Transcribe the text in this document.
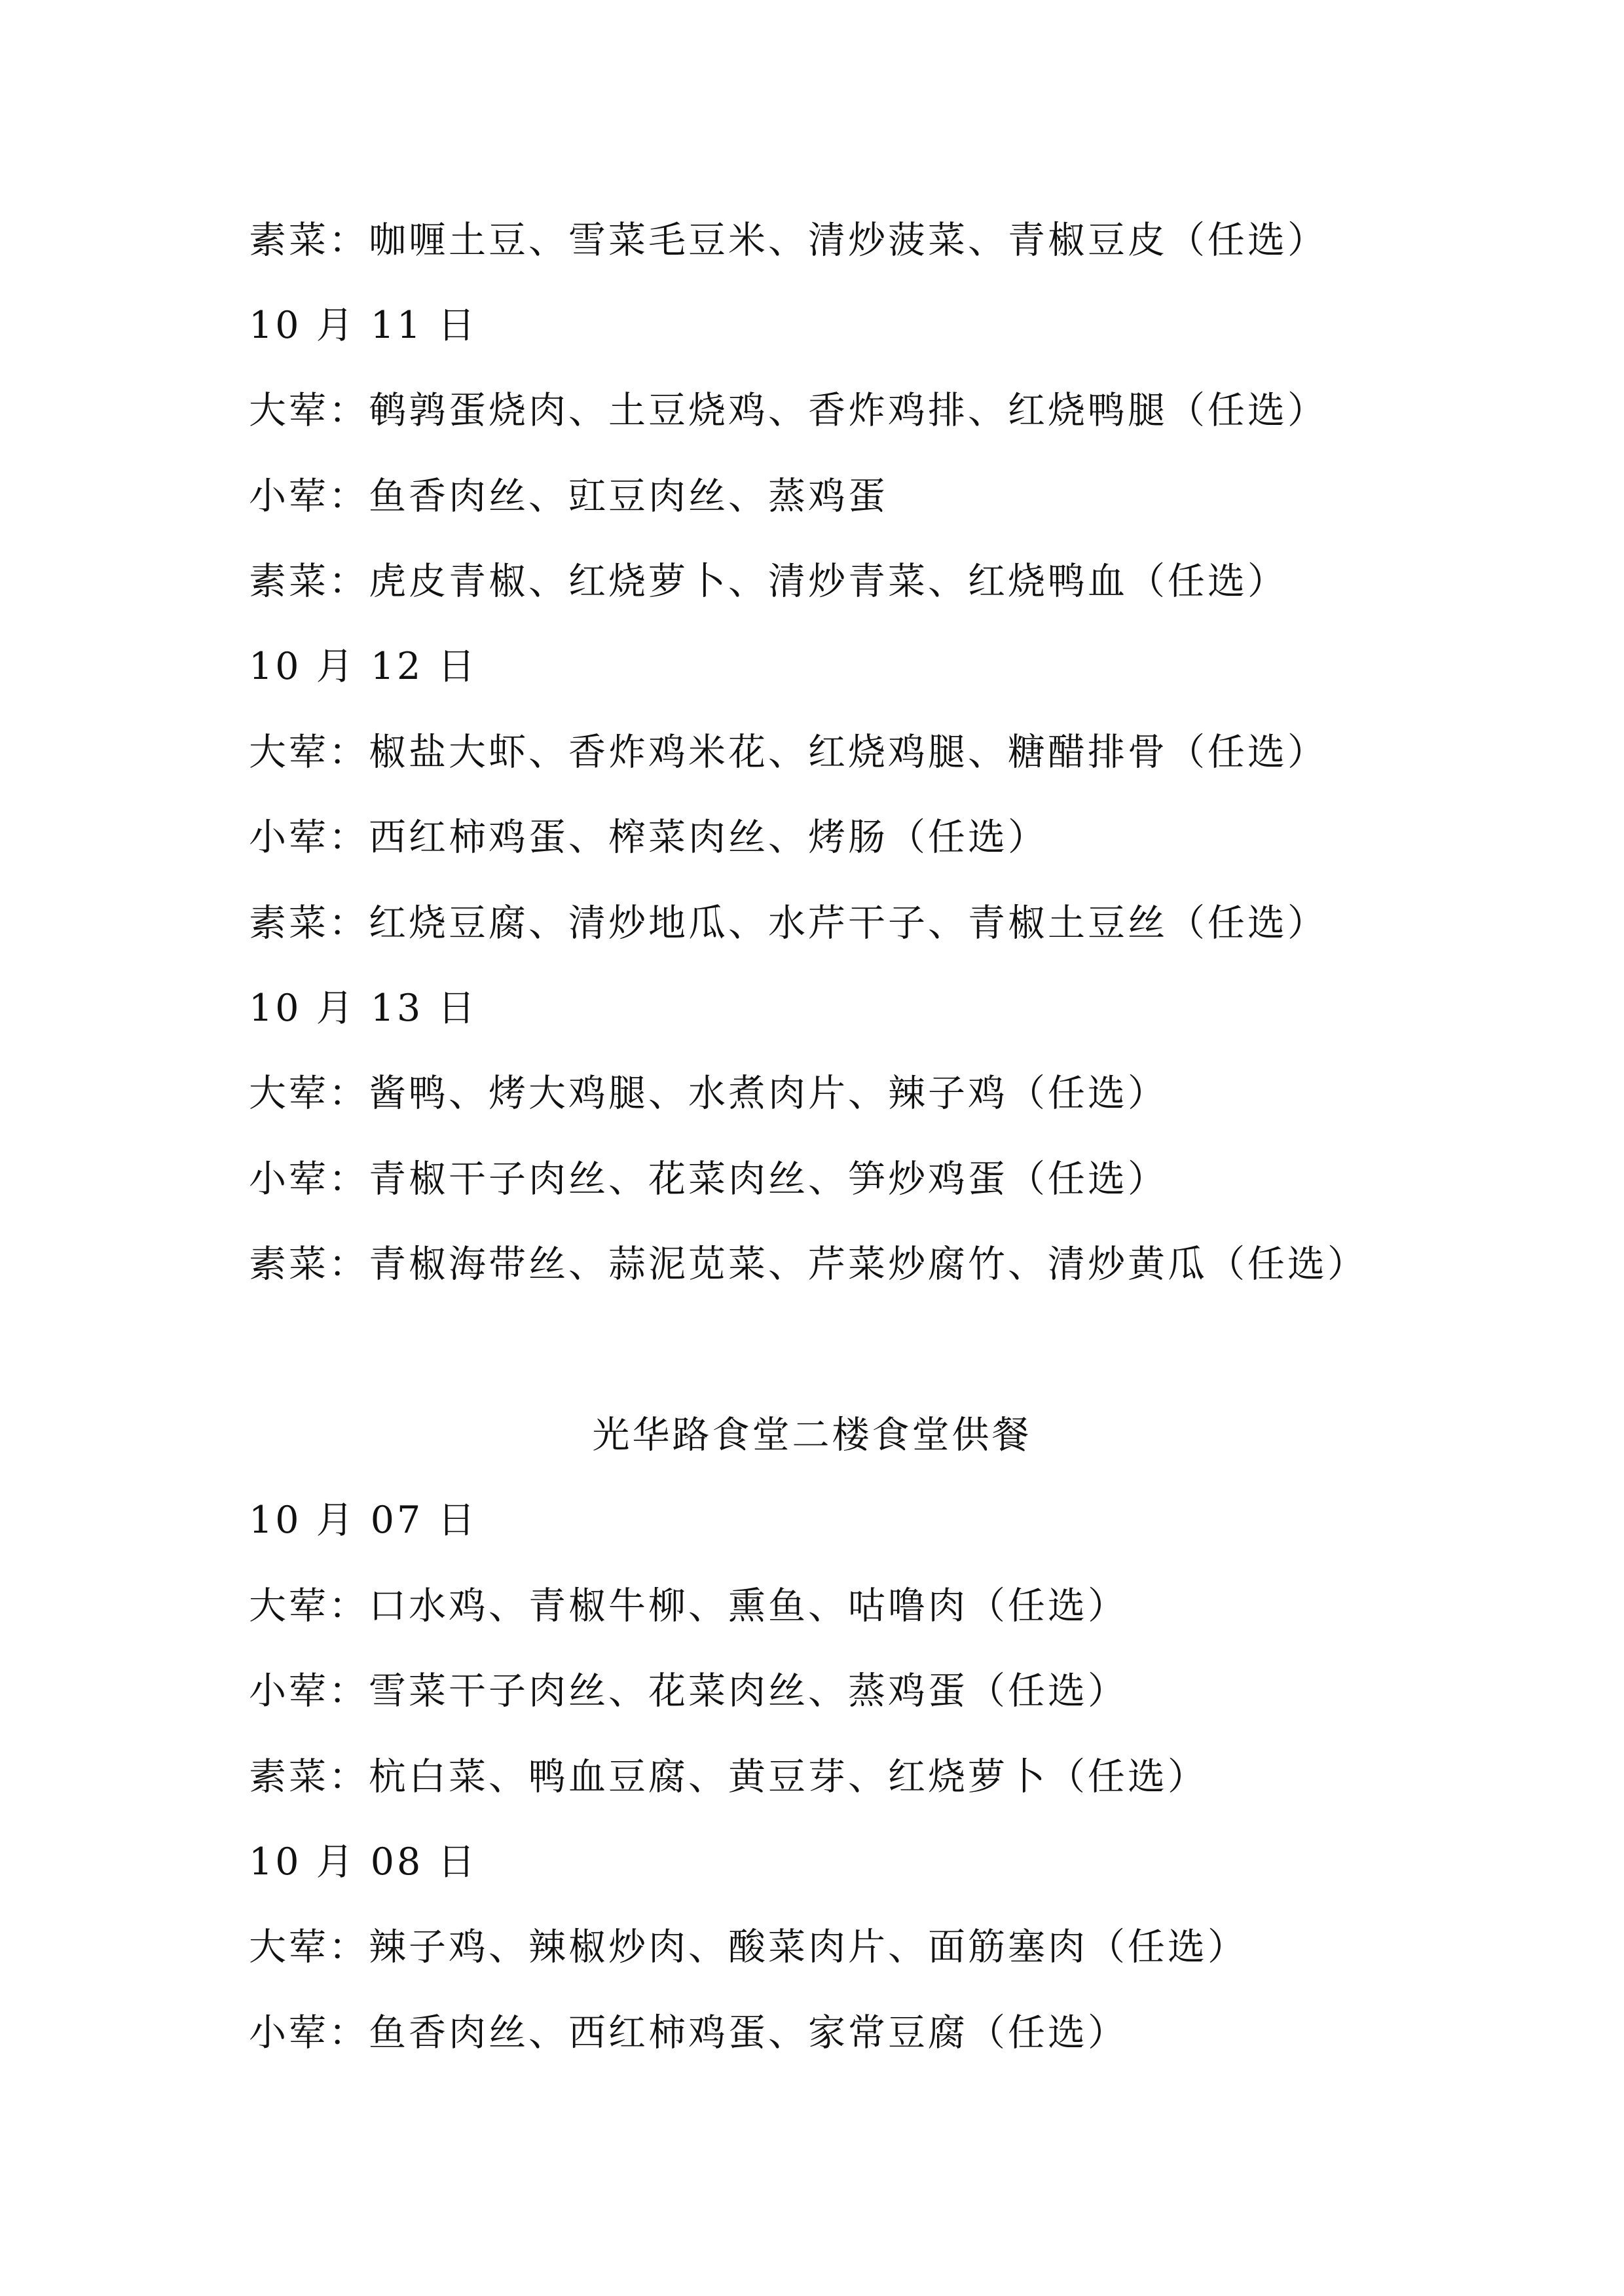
素菜：咖喱土豆、雪菜毛豆米、清炒菠菜、青椒豆皮（任选）
10 月 11 日
大荤：鹌鹑蛋烧肉、土豆烧鸡、香炸鸡排、红烧鸭腿（任选）
小荤：鱼香肉丝、豇豆肉丝、蒸鸡蛋
素菜：虎皮青椒、红烧萝卜、清炒青菜、红烧鸭血（任选）
10 月 12 日
大荤：椒盐大虾、香炸鸡米花、红烧鸡腿、糖醋排骨（任选）
小荤：西红柿鸡蛋、榨菜肉丝、烤肠（任选）
素菜：红烧豆腐、清炒地瓜、水芹干子、青椒土豆丝（任选）
10 月 13 日
大荤：酱鸭、烤大鸡腿、水煮肉片、辣子鸡（任选）
小荤：青椒干子肉丝、花菜肉丝、笋炒鸡蛋（任选）
素菜：青椒海带丝、蒜泥苋菜、芹菜炒腐竹、清炒黄瓜（任选）
光华路食堂二楼食堂供餐
10 月 07 日
大荤：口水鸡、青椒牛柳、熏鱼、咕噜肉（任选）
小荤：雪菜干子肉丝、花菜肉丝、蒸鸡蛋（任选）
素菜：杭白菜、鸭血豆腐、黄豆芽、红烧萝卜（任选）
10 月 08 日
大荤：辣子鸡、辣椒炒肉、酸菜肉片、面筋塞肉（任选）
小荤：鱼香肉丝、西红柿鸡蛋、家常豆腐（任选）
